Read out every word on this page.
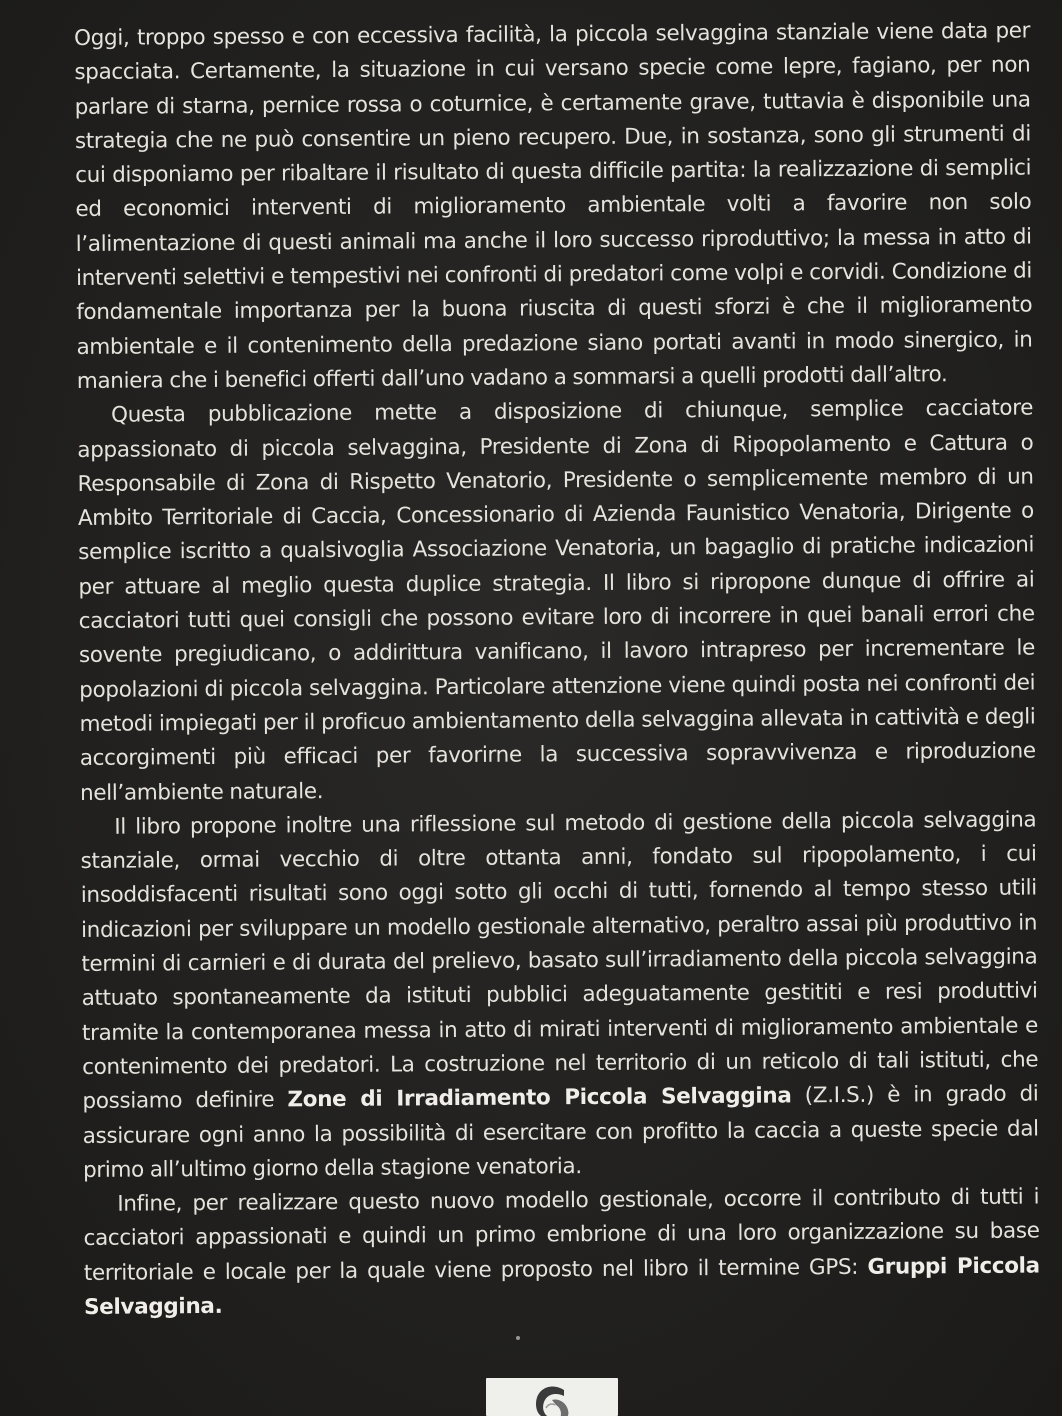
Oggi, troppo spesso e con eccessiva facilità, la piccola selvaggina stanziale viene data per spacciata. Certamente, la situazione in cui versano specie come lepre, fagiano, per non parlare di starna, pernice rossa o coturnice, è certamente grave, tuttavia è disponibile una strategia che ne può consentire un pieno recupero. Due, in sostanza, sono gli strumenti di cui disponiamo per ribaltare il risultato di questa difficile partita: la realizzazione di semplici ed economici interventi di miglioramento ambientale volti a favorire non solo l’alimentazione di questi animali ma anche il loro successo riproduttivo; la messa in atto di interventi selettivi e tempestivi nei confronti di predatori come volpi e corvidi. Condizione di fondamentale importanza per la buona riuscita di questi sforzi è che il miglioramento ambientale e il contenimento della predazione siano portati avanti in modo sinergico, in maniera che i benefici offerti dall’uno vadano a sommarsi a quelli prodotti dall’altro.

Questa pubblicazione mette a disposizione di chiunque, semplice cacciatore appassionato di piccola selvaggina, Presidente di Zona di Ripopolamento e Cattura o Responsabile di Zona di Rispetto Venatorio, Presidente o semplicemente membro di un Ambito Territoriale di Caccia, Concessionario di Azienda Faunistico Venatoria, Dirigente o semplice iscritto a qualsivoglia Associazione Venatoria, un bagaglio di pratiche indicazioni per attuare al meglio questa duplice strategia. Il libro si ripropone dunque di offrire ai cacciatori tutti quei consigli che possono evitare loro di incorrere in quei banali errori che sovente pregiudicano, o addirittura vanificano, il lavoro intrapreso per incrementare le popolazioni di piccola selvaggina. Particolare attenzione viene quindi posta nei confronti dei metodi impiegati per il proficuo ambientamento della selvaggina allevata in cattività e degli accorgimenti più efficaci per favorirne la successiva sopravvivenza e riproduzione nell’ambiente naturale.

Il libro propone inoltre una riflessione sul metodo di gestione della piccola selvaggina stanziale, ormai vecchio di oltre ottanta anni, fondato sul ripopolamento, i cui insoddisfacenti risultati sono oggi sotto gli occhi di tutti, fornendo al tempo stesso utili indicazioni per sviluppare un modello gestionale alternativo, peraltro assai più produttivo in termini di carnieri e di durata del prelievo, basato sull’irradiamento della piccola selvaggina attuato spontaneamente da istituti pubblici adeguatamente gestititi e resi produttivi tramite la contemporanea messa in atto di mirati interventi di miglioramento ambientale e contenimento dei predatori. La costruzione nel territorio di un reticolo di tali istituti, che possiamo definire Zone di Irradiamento Piccola Selvaggina (Z.I.S.) è in grado di assicurare ogni anno la possibilità di esercitare con profitto la caccia a queste specie dal primo all’ultimo giorno della stagione venatoria.

Infine, per realizzare questo nuovo modello gestionale, occorre il contributo di tutti i cacciatori appassionati e quindi un primo embrione di una loro organizzazione su base territoriale e locale per la quale viene proposto nel libro il termine GPS: Gruppi Piccola Selvaggina.
